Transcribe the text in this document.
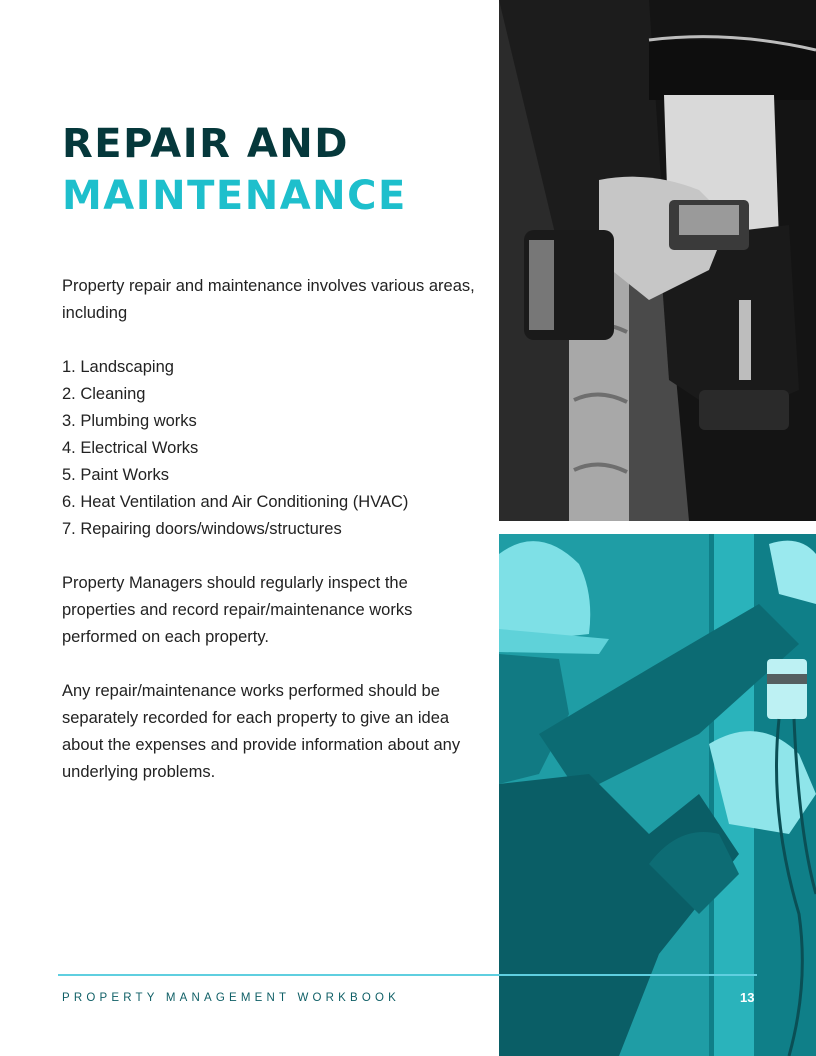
REPAIR AND
MAINTENANCE

Property repair and maintenance involves various areas, including

1. Landscaping
2. Cleaning
3. Plumbing works
4. Electrical Works
5. Paint Works
6. Heat Ventilation and Air Conditioning (HVAC)
7. Repairing doors/windows/structures

Property Managers should regularly inspect the properties and record repair/maintenance works performed on each property.

Any repair/maintenance works performed should be separately recorded for each property to give an idea about the expenses and provide information about any underlying problems.

PROPERTY MANAGEMENT WORKBOOK	13
